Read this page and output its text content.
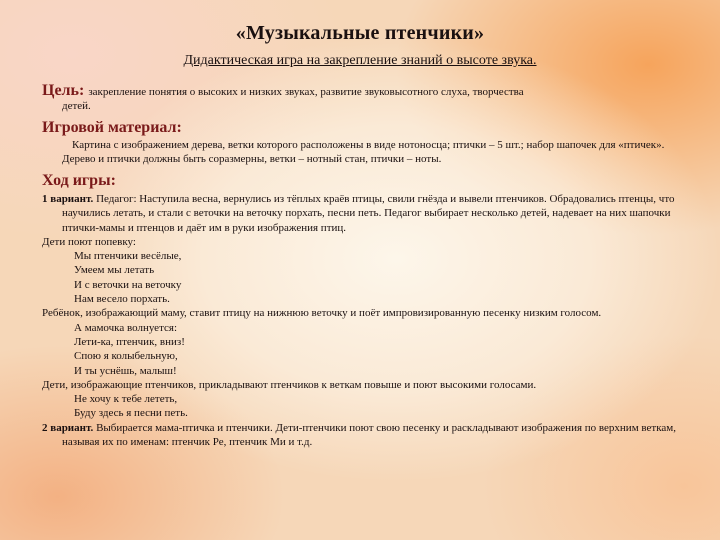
«Музыкальные птенчики»
Дидактическая игра на закрепление знаний о высоте звука.
Цель: закрепление понятия о высоких и низких звуках, развитие звуковысотного слуха, творчества
детей.
Игровой материал:
Картина с изображением дерева, ветки которого расположены в виде нотоносца; птички – 5 шт.; набор шапочек для «птичек». Дерево и птички должны быть соразмерны, ветки – нотный стан, птички – ноты.
Ход игры:
1 вариант. Педагог: Наступила весна, вернулись из тёплых краёв птицы, свили гнёзда и вывели птенчиков. Обрадовались птенцы, что научились летать, и стали с веточки на веточку порхать, песни петь. Педагог выбирает несколько детей, надевает на них шапочки птички-мамы и птенцов и даёт им в руки изображения птиц.
Дети поют попевку:
Мы птенчики весёлые,
Умеем мы летать
И с веточки на веточку
Нам весело порхать.
Ребёнок, изображающий маму, ставит птицу на нижнюю веточку и поёт импровизированную песенку низким голосом.
А мамочка волнуется:
Лети-ка, птенчик, вниз!
Спою я колыбельную,
И ты уснёшь, малыш!
Дети, изображающие птенчиков, прикладывают птенчиков к веткам повыше и поют высокими голосами.
Не хочу к тебе лететь,
Буду здесь я песни петь.
2 вариант. Выбирается мама-птичка и птенчики. Дети-птенчики поют свою песенку и раскладывают изображения по верхним веткам, называя их по именам: птенчик Ре, птенчик Ми и т.д.
